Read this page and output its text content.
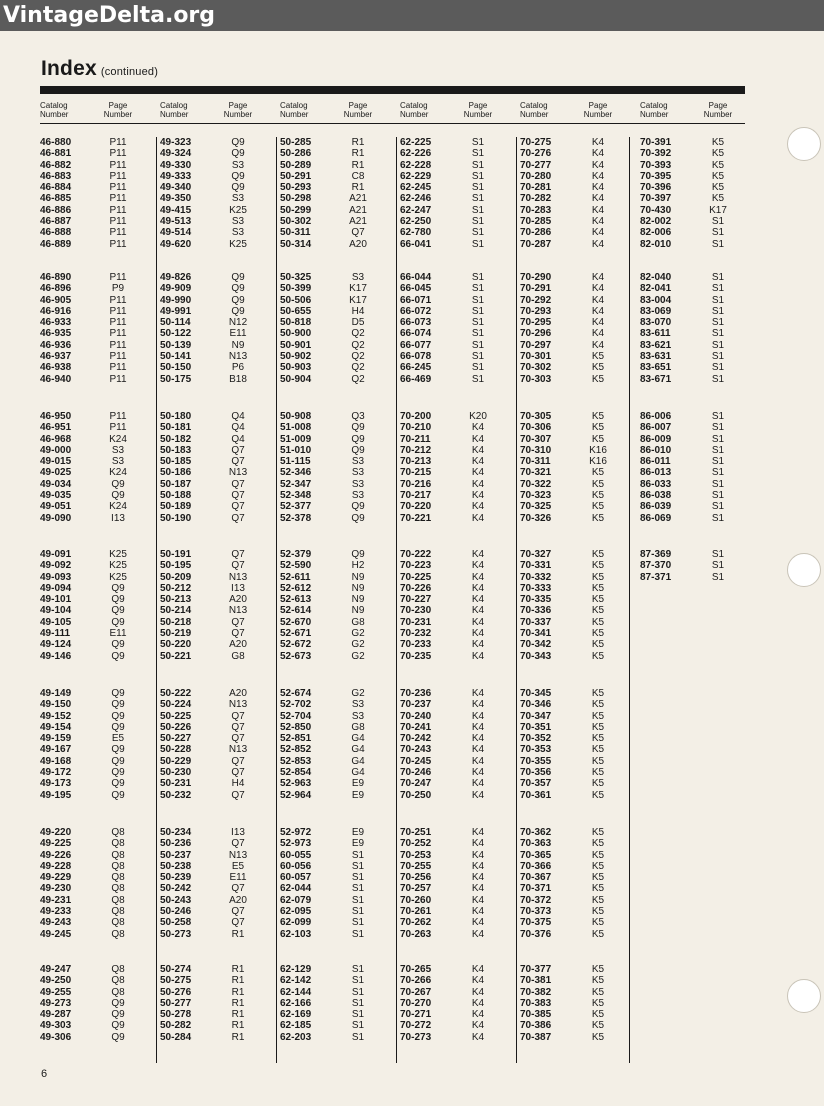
VintageDelta.org
Index (continued)
Catalog
Number
Page
Number
Catalog
Number
Page
Number
Catalog
Number
Page
Number
Catalog
Number
Page
Number
Catalog
Number
Page
Number
Catalog
Number
Page
Number
46-880	P11
46-881	P11
46-882	P11
46-883	P11
46-884	P11
46-885	P11
46-886	P11
46-887	P11
46-888	P11
46-889	P11
46-890	P11
46-896	P9
46-905	P11
46-916	P11
46-933	P11
46-935	P11
46-936	P11
46-937	P11
46-938	P11
46-940	P11
46-950	P11
46-951	P11
46-968	K24
49-000	S3
49-015	S3
49-025	K24
49-034	Q9
49-035	Q9
49-051	K24
49-090	I13
49-091	K25
49-092	K25
49-093	K25
49-094	Q9
49-101	Q9
49-104	Q9
49-105	Q9
49-111	E11
49-124	Q9
49-146	Q9
49-149	Q9
49-150	Q9
49-152	Q9
49-154	Q9
49-159	E5
49-167	Q9
49-168	Q9
49-172	Q9
49-173	Q9
49-195	Q9
49-220	Q8
49-225	Q8
49-226	Q8
49-228	Q8
49-229	Q8
49-230	Q8
49-231	Q8
49-233	Q8
49-243	Q8
49-245	Q8
49-247	Q8
49-250	Q8
49-255	Q8
49-273	Q9
49-287	Q9
49-303	Q9
49-306	Q9
49-323	Q9
49-324	Q9
49-330	S3
49-333	Q9
49-340	Q9
49-350	S3
49-415	K25
49-513	S3
49-514	S3
49-620	K25
49-826	Q9
49-909	Q9
49-990	Q9
49-991	Q9
50-114	N12
50-122	E11
50-139	N9
50-141	N13
50-150	P6
50-175	B18
50-180	Q4
50-181	Q4
50-182	Q4
50-183	Q7
50-185	Q7
50-186	N13
50-187	Q7
50-188	Q7
50-189	Q7
50-190	Q7
50-191	Q7
50-195	Q7
50-209	N13
50-212	I13
50-213	A20
50-214	N13
50-218	Q7
50-219	Q7
50-220	A20
50-221	G8
50-222	A20
50-224	N13
50-225	Q7
50-226	Q7
50-227	Q7
50-228	N13
50-229	Q7
50-230	Q7
50-231	H4
50-232	Q7
50-234	I13
50-236	Q7
50-237	N13
50-238	E5
50-239	E11
50-242	Q7
50-243	A20
50-246	Q7
50-258	Q7
50-273	R1
50-274	R1
50-275	R1
50-276	R1
50-277	R1
50-278	R1
50-282	R1
50-284	R1
50-285	R1
50-286	R1
50-289	R1
50-291	C8
50-293	R1
50-298	A21
50-299	A21
50-302	A21
50-311	Q7
50-314	A20
50-325	S3
50-399	K17
50-506	K17
50-655	H4
50-818	D5
50-900	Q2
50-901	Q2
50-902	Q2
50-903	Q2
50-904	Q2
50-908	Q3
51-008	Q9
51-009	Q9
51-010	Q9
51-115	S3
52-346	S3
52-347	S3
52-348	S3
52-377	Q9
52-378	Q9
52-379	Q9
52-590	H2
52-611	N9
52-612	N9
52-613	N9
52-614	N9
52-670	G8
52-671	G2
52-672	G2
52-673	G2
52-674	G2
52-702	S3
52-704	S3
52-850	G8
52-851	G4
52-852	G4
52-853	G4
52-854	G4
52-963	E9
52-964	E9
52-972	E9
52-973	E9
60-055	S1
60-056	S1
60-057	S1
62-044	S1
62-079	S1
62-095	S1
62-099	S1
62-103	S1
62-129	S1
62-142	S1
62-144	S1
62-166	S1
62-169	S1
62-185	S1
62-203	S1
62-225	S1
62-226	S1
62-228	S1
62-229	S1
62-245	S1
62-246	S1
62-247	S1
62-250	S1
62-780	S1
66-041	S1
66-044	S1
66-045	S1
66-071	S1
66-072	S1
66-073	S1
66-074	S1
66-077	S1
66-078	S1
66-245	S1
66-469	S1
70-200	K20
70-210	K4
70-211	K4
70-212	K4
70-213	K4
70-215	K4
70-216	K4
70-217	K4
70-220	K4
70-221	K4
70-222	K4
70-223	K4
70-225	K4
70-226	K4
70-227	K4
70-230	K4
70-231	K4
70-232	K4
70-233	K4
70-235	K4
70-236	K4
70-237	K4
70-240	K4
70-241	K4
70-242	K4
70-243	K4
70-245	K4
70-246	K4
70-247	K4
70-250	K4
70-251	K4
70-252	K4
70-253	K4
70-255	K4
70-256	K4
70-257	K4
70-260	K4
70-261	K4
70-262	K4
70-263	K4
70-265	K4
70-266	K4
70-267	K4
70-270	K4
70-271	K4
70-272	K4
70-273	K4
70-275	K4
70-276	K4
70-277	K4
70-280	K4
70-281	K4
70-282	K4
70-283	K4
70-285	K4
70-286	K4
70-287	K4
70-290	K4
70-291	K4
70-292	K4
70-293	K4
70-295	K4
70-296	K4
70-297	K4
70-301	K5
70-302	K5
70-303	K5
70-305	K5
70-306	K5
70-307	K5
70-310	K16
70-311	K16
70-321	K5
70-322	K5
70-323	K5
70-325	K5
70-326	K5
70-327	K5
70-331	K5
70-332	K5
70-333	K5
70-335	K5
70-336	K5
70-337	K5
70-341	K5
70-342	K5
70-343	K5
70-345	K5
70-346	K5
70-347	K5
70-351	K5
70-352	K5
70-353	K5
70-355	K5
70-356	K5
70-357	K5
70-361	K5
70-362	K5
70-363	K5
70-365	K5
70-366	K5
70-367	K5
70-371	K5
70-372	K5
70-373	K5
70-375	K5
70-376	K5
70-377	K5
70-381	K5
70-382	K5
70-383	K5
70-385	K5
70-386	K5
70-387	K5
70-391	K5
70-392	K5
70-393	K5
70-395	K5
70-396	K5
70-397	K5
70-430	K17
82-002	S1
82-006	S1
82-010	S1
82-040	S1
82-041	S1
83-004	S1
83-069	S1
83-070	S1
83-611	S1
83-621	S1
83-631	S1
83-651	S1
83-671	S1
86-006	S1
86-007	S1
86-009	S1
86-010	S1
86-011	S1
86-013	S1
86-033	S1
86-038	S1
86-039	S1
86-069	S1
87-369	S1
87-370	S1
87-371	S1
6
